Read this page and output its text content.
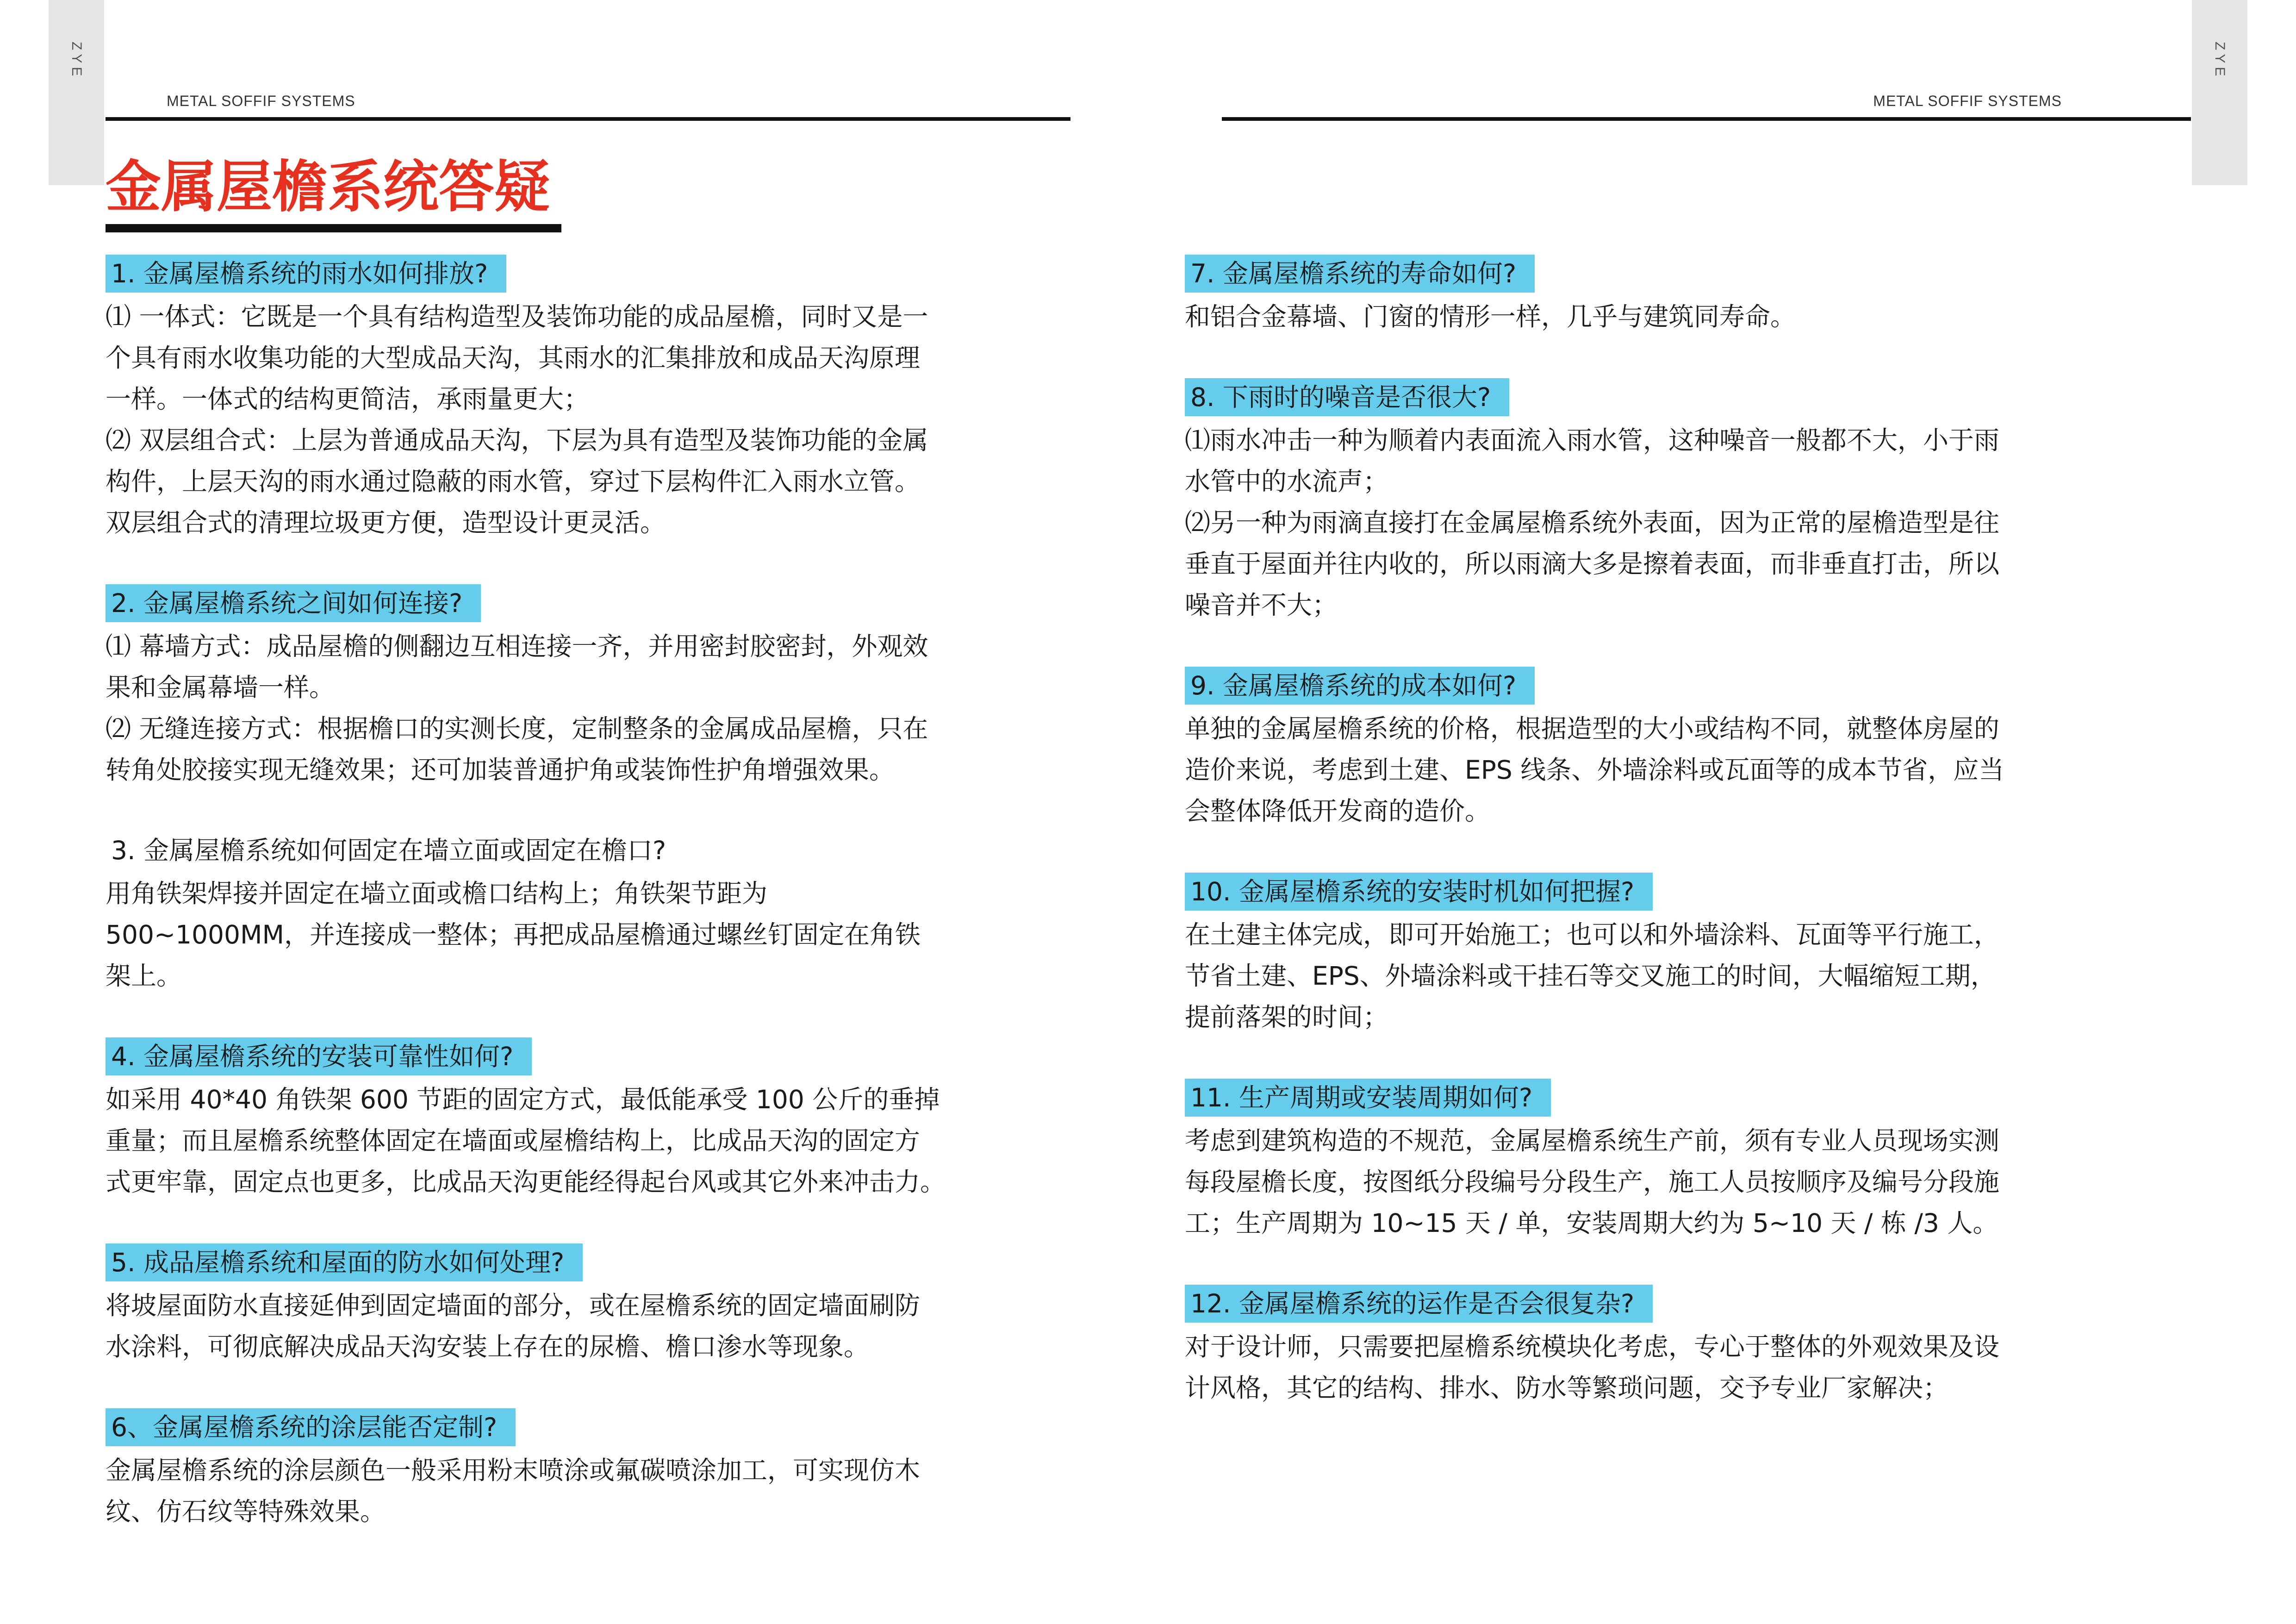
ZYE	ZYE
METAL SOFFIF SYSTEMS	METAL SOFFIF SYSTEMS
金属屋檐系统答疑
1. 金属屋檐系统的雨水如何排放?

⑴ 一体式：它既是一个具有结构造型及装饰功能的成品屋檐，同时又是一

个具有雨水收集功能的大型成品天沟，其雨水的汇集排放和成品天沟原理

一样。一体式的结构更简洁，承雨量更大；

⑵ 双层组合式：上层为普通成品天沟，下层为具有造型及装饰功能的金属

构件，上层天沟的雨水通过隐蔽的雨水管，穿过下层构件汇入雨水立管。

双层组合式的清理垃圾更方便，造型设计更灵活。

2. 金属屋檐系统之间如何连接?

⑴ 幕墙方式：成品屋檐的侧翻边互相连接一齐，并用密封胶密封，外观效

果和金属幕墙一样。

⑵ 无缝连接方式：根据檐口的实测长度，定制整条的金属成品屋檐，只在

转角处胶接实现无缝效果；还可加装普通护角或装饰性护角增强效果。

3. 金属屋檐系统如何固定在墙立面或固定在檐口?

用角铁架焊接并固定在墙立面或檐口结构上；角铁架节距为

500~1000MM，并连接成一整体；再把成品屋檐通过螺丝钉固定在角铁

架上。

4. 金属屋檐系统的安装可靠性如何?

如采用 40*40 角铁架 600 节距的固定方式，最低能承受 100 公斤的垂掉

重量；而且屋檐系统整体固定在墙面或屋檐结构上，比成品天沟的固定方

式更牢靠，固定点也更多，比成品天沟更能经得起台风或其它外来冲击力。

5. 成品屋檐系统和屋面的防水如何处理?

将坡屋面防水直接延伸到固定墙面的部分，或在屋檐系统的固定墙面刷防

水涂料，可彻底解决成品天沟安装上存在的尿檐、檐口渗水等现象。

6、金属屋檐系统的涂层能否定制?

金属屋檐系统的涂层颜色一般采用粉末喷涂或氟碳喷涂加工，可实现仿木

纹、仿石纹等特殊效果。

7. 金属屋檐系统的寿命如何?

和铝合金幕墙、门窗的情形一样，几乎与建筑同寿命。

8. 下雨时的噪音是否很大?

⑴雨水冲击一种为顺着内表面流入雨水管，这种噪音一般都不大，小于雨

水管中的水流声；

⑵另一种为雨滴直接打在金属屋檐系统外表面，因为正常的屋檐造型是往

垂直于屋面并往内收的，所以雨滴大多是擦着表面，而非垂直打击，所以

噪音并不大；

9. 金属屋檐系统的成本如何?

单独的金属屋檐系统的价格，根据造型的大小或结构不同，就整体房屋的

造价来说，考虑到土建、EPS 线条、外墙涂料或瓦面等的成本节省，应当

会整体降低开发商的造价。

10. 金属屋檐系统的安装时机如何把握?

在土建主体完成，即可开始施工；也可以和外墙涂料、瓦面等平行施工，

节省土建、EPS、外墙涂料或干挂石等交叉施工的时间，大幅缩短工期，

提前落架的时间；

11. 生产周期或安装周期如何?

考虑到建筑构造的不规范，金属屋檐系统生产前，须有专业人员现场实测

每段屋檐长度，按图纸分段编号分段生产，施工人员按顺序及编号分段施

工；生产周期为 10~15 天 / 单，安装周期大约为 5~10 天 / 栋 /3 人。

12. 金属屋檐系统的运作是否会很复杂?

对于设计师，只需要把屋檐系统模块化考虑，专心于整体的外观效果及设

计风格，其它的结构、排水、防水等繁琐问题，交予专业厂家解决；
